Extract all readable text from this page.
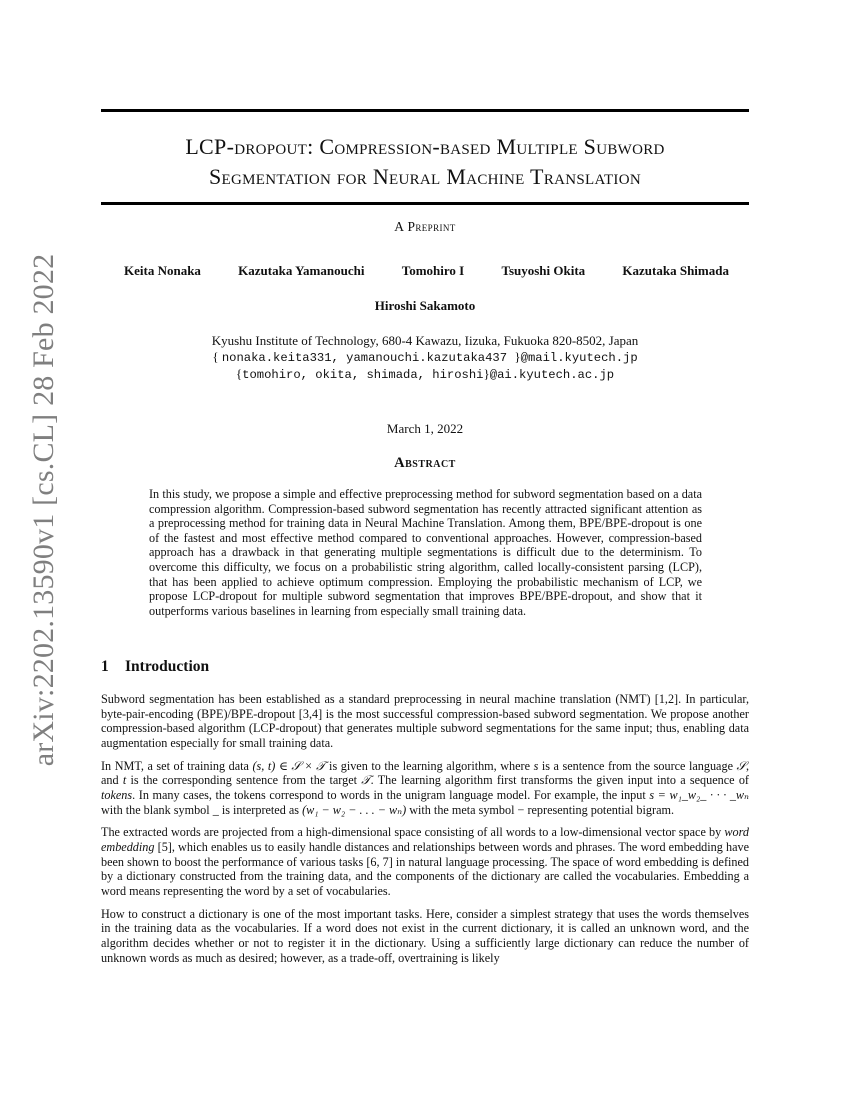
arXiv:2202.13590v1 [cs.CL] 28 Feb 2022
LCP-dropout: Compression-based Multiple Subword
Segmentation for Neural Machine Translation
A Preprint
Keita Nonaka	Kazutaka Yamanouchi	Tomohiro I	Tsuyoshi Okita	Kazutaka Shimada
Hiroshi Sakamoto
Kyushu Institute of Technology, 680-4 Kawazu, Iizuka, Fukuoka 820-8502, Japan
{ nonaka.keita331, yamanouchi.kazutaka437 }@mail.kyutech.jp
{tomohiro, okita, shimada, hiroshi}@ai.kyutech.ac.jp
March 1, 2022
Abstract
In this study, we propose a simple and effective preprocessing method for subword segmentation based on a data compression algorithm. Compression-based subword segmentation has recently attracted significant attention as a preprocessing method for training data in Neural Machine Translation. Among them, BPE/BPE-dropout is one of the fastest and most effective method compared to conventional approaches. However, compression-based approach has a drawback in that generating multiple segmentations is difficult due to the determinism. To overcome this difficulty, we focus on a probabilistic string algorithm, called locally-consistent parsing (LCP), that has been applied to achieve optimum compression. Employing the probabilistic mechanism of LCP, we propose LCP-dropout for multiple subword segmentation that improves BPE/BPE-dropout, and show that it outperforms various baselines in learning from especially small training data.
1 Introduction

Subword segmentation has been established as a standard preprocessing in neural machine translation (NMT) [1,2]. In particular, byte-pair-encoding (BPE)/BPE-dropout [3,4] is the most successful compression-based subword segmentation. We propose another compression-based algorithm (LCP-dropout) that generates multiple subword segmentations for the same input; thus, enabling data augmentation especially for small training data.

In NMT, a set of training data (s, t) ∈ 𝒮 × 𝒯 is given to the learning algorithm, where s is a sentence from the source language 𝒮, and t is the corresponding sentence from the target 𝒯. The learning algorithm first transforms the given input into a sequence of tokens. In many cases, the tokens correspond to words in the unigram language model. For example, the input s = w₁_w₂_ · · · _wₙ with the blank symbol _ is interpreted as (w₁ − w₂ − . . . − wₙ) with the meta symbol − representing potential bigram.

The extracted words are projected from a high-dimensional space consisting of all words to a low-dimensional vector space by word embedding [5], which enables us to easily handle distances and relationships between words and phrases. The word embedding have been shown to boost the performance of various tasks [6, 7] in natural language processing. The space of word embedding is defined by a dictionary constructed from the training data, and the components of the dictionary are called the vocabularies. Embedding a word means representing the word by a set of vocabularies.

How to construct a dictionary is one of the most important tasks. Here, consider a simplest strategy that uses the words themselves in the training data as the vocabularies. If a word does not exist in the current dictionary, it is called an unknown word, and the algorithm decides whether or not to register it in the dictionary. Using a sufficiently large dictionary can reduce the number of unknown words as much as desired; however, as a trade-off, overtraining is likely
